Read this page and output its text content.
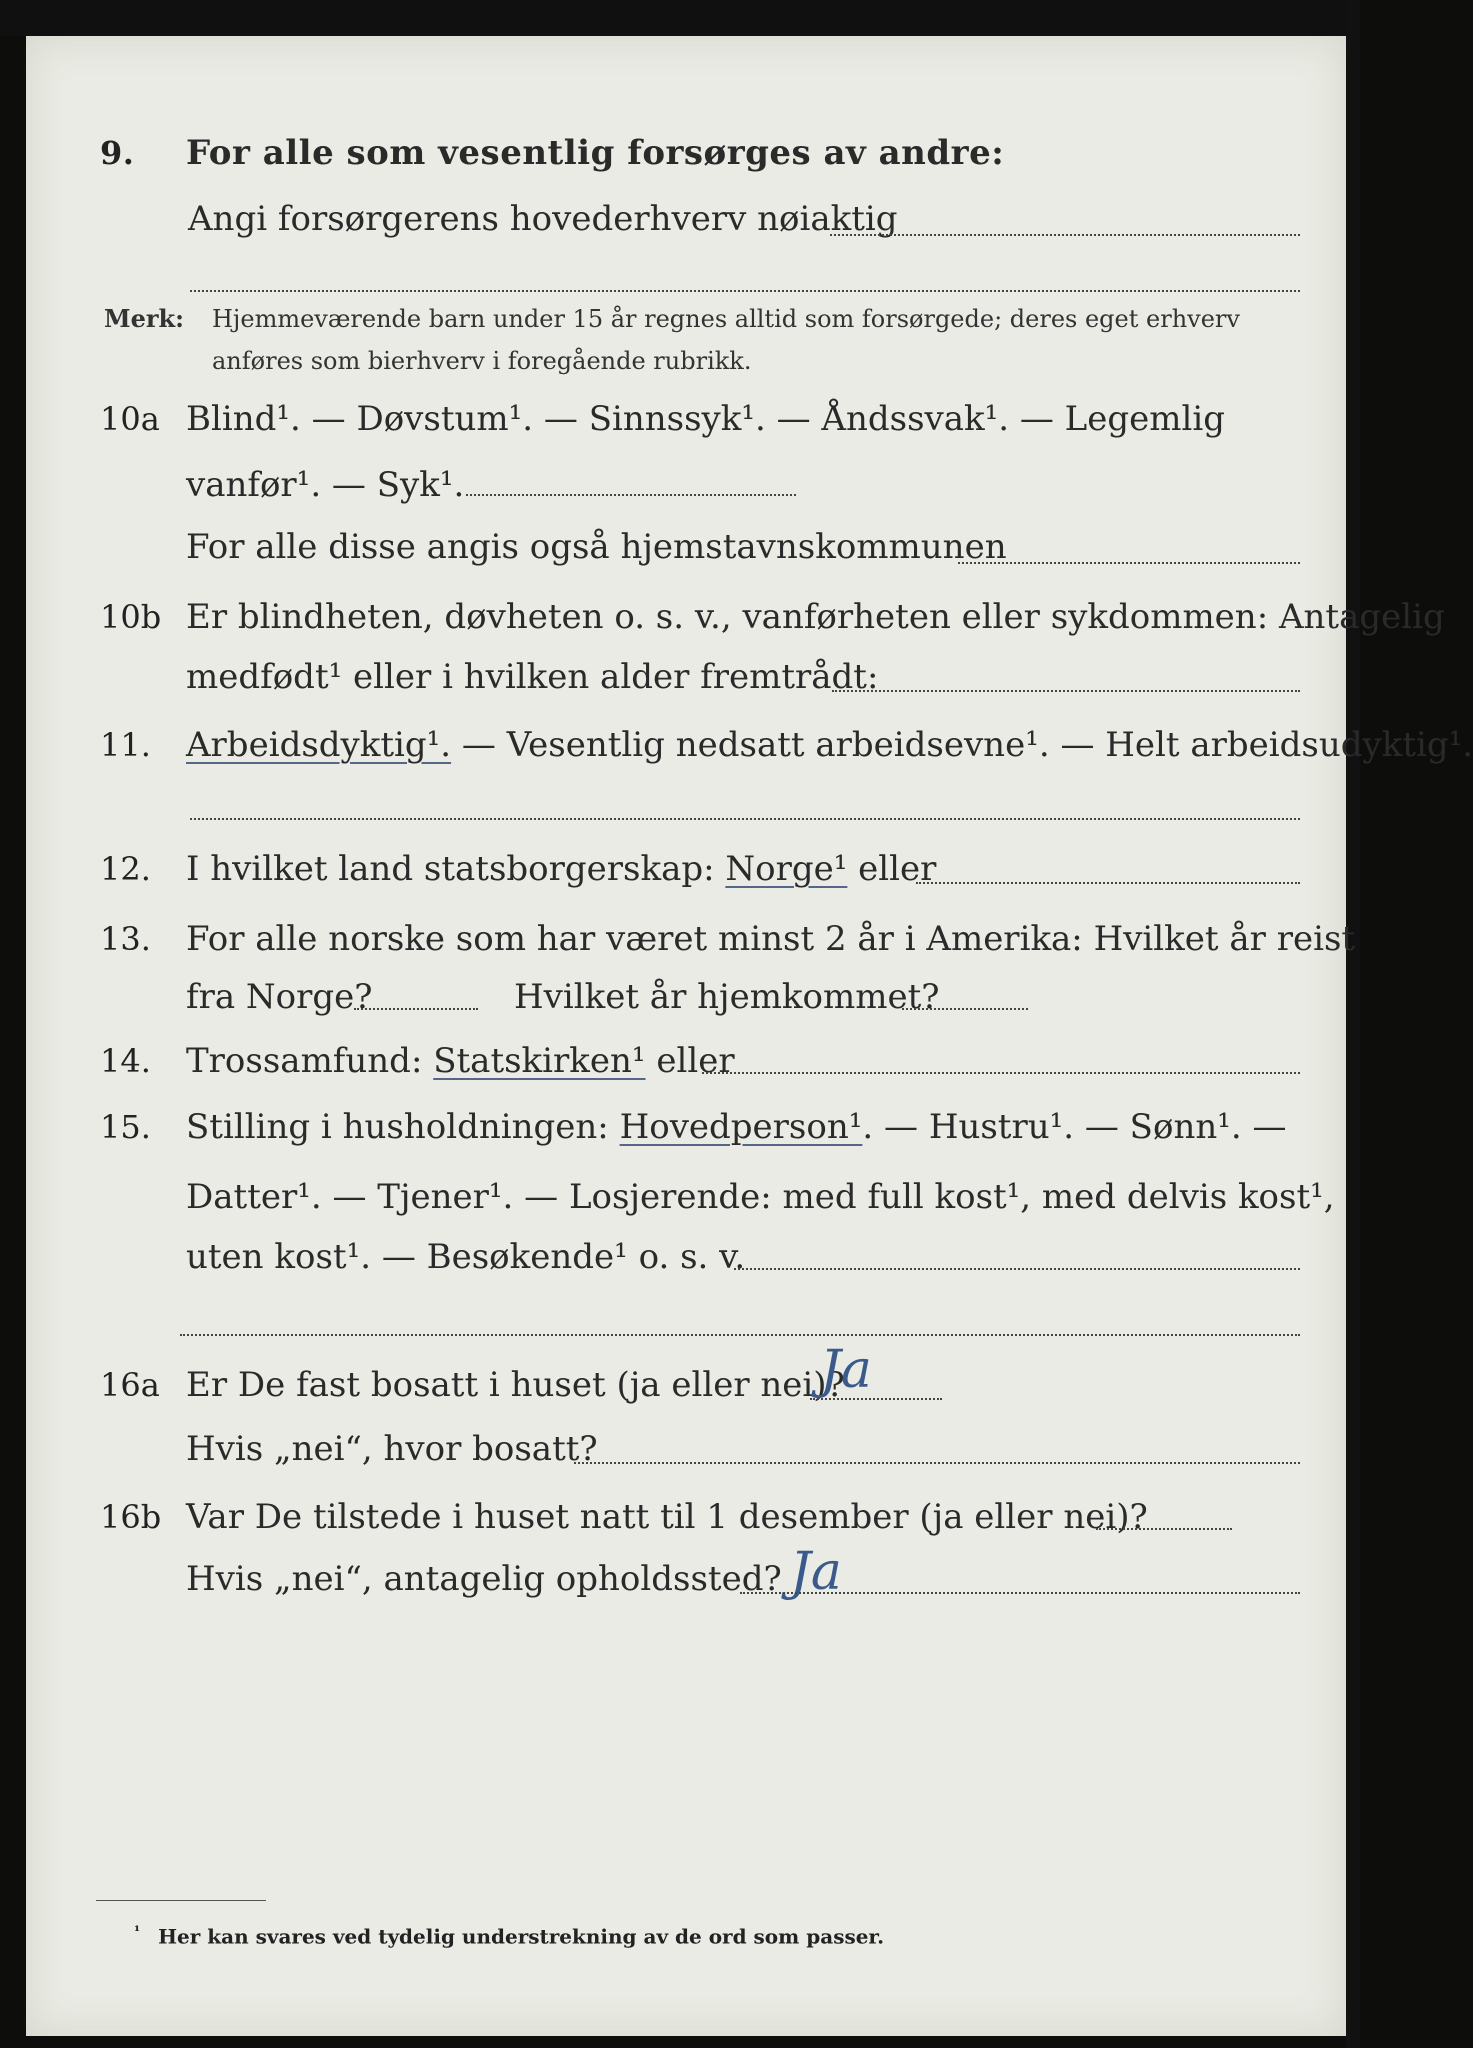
9. For alle som vesentlig forsørges av andre:
Angi forsørgerens hovederhverv nøiaktig
Merk: Hjemmeværende barn under 15 år regnes alltid som forsørgede; deres eget erhverv
anføres som bierhverv i foregående rubrikk.
10a Blind¹. — Døvstum¹. — Sinnssyk¹. — Åndssvak¹. — Legemlig
vanfør¹. — Syk¹.
For alle disse angis også hjemstavnskommunen
10b Er blindheten, døvheten o. s. v., vanførheten eller sykdommen: Antagelig
medfødt¹ eller i hvilken alder fremtrådt:
11. Arbeidsdyktig¹. — Vesentlig nedsatt arbeidsevne¹. — Helt arbeidsudyktig¹.
12. I hvilket land statsborgerskap: Norge¹ eller
13. For alle norske som har været minst 2 år i Amerika: Hvilket år reist
fra Norge?	Hvilket år hjemkommet?
14. Trossamfund: Statskirken¹ eller
15. Stilling i husholdningen: Hovedperson¹. — Hustru¹. — Sønn¹. —
Datter¹. — Tjener¹. — Losjerende: med full kost¹, med delvis kost¹,
uten kost¹. — Besøkende¹ o. s. v.
16a Er De fast bosatt i huset (ja eller nei)?
Ja
Hvis „nei“, hvor bosatt?
16b Var De tilstede i huset natt til 1 desember (ja eller nei)?
Hvis „nei“, antagelig opholdssted? Ja
$^{^1}$ Her kan svares ved tydelig understrekning av de ord som passer.
